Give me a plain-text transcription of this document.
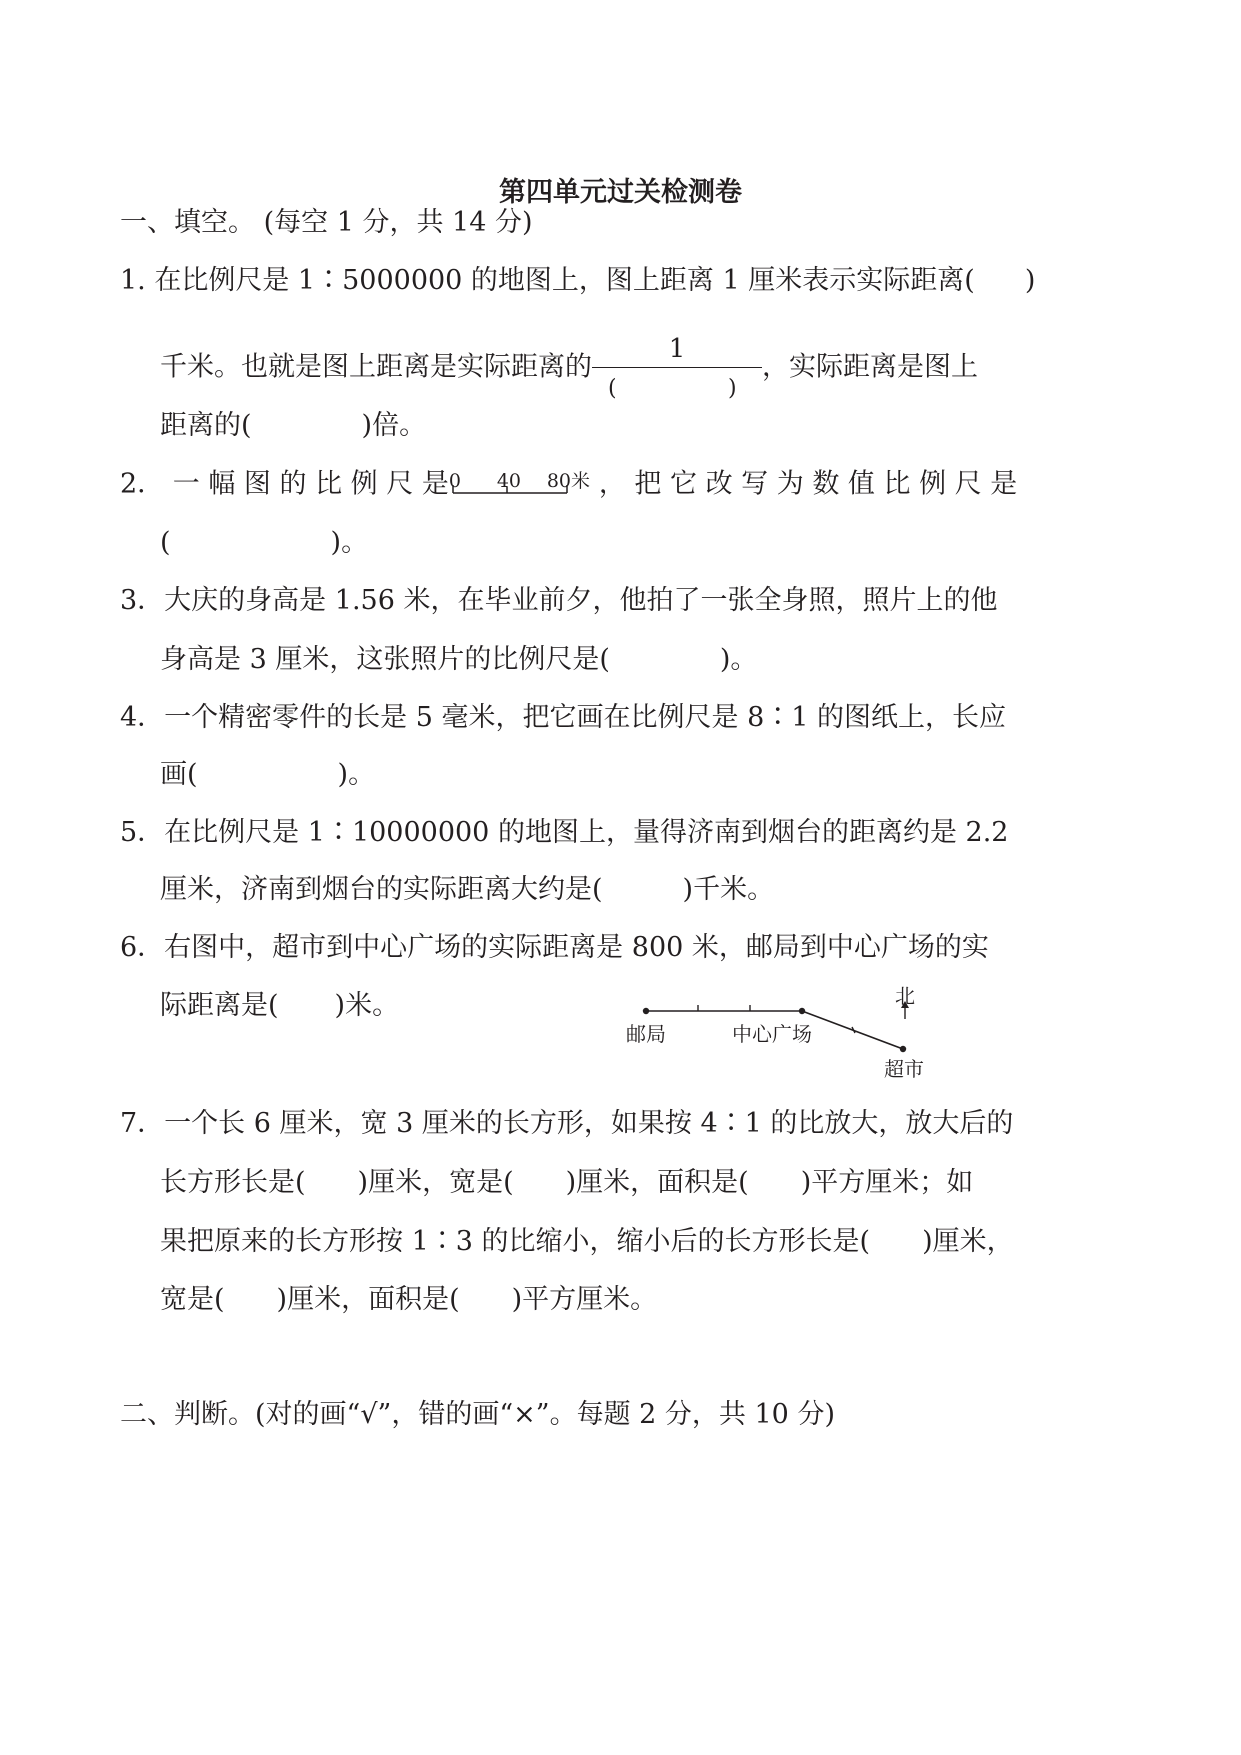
第四单元过关检测卷
一、填空。 (每空 1 分，共 14 分)
1. 在比例尺是 1∶5000000 的地图上，图上距离 1 厘米表示实际距离( )
千米。也就是图上距离是实际距离的
1
(	)
，实际距离是图上
距离的(	)倍。
2． 一 幅 图 的 比 例 尺 是 0 40 80米 ， 把 它 改 写 为 数 值 比 例 尺 是
(	)。
3．大庆的身高是 1.56 米，在毕业前夕，他拍了一张全身照，照片上的他
身高是 3 厘米，这张照片的比例尺是(	)。
4．一个精密零件的长是 5 毫米，把它画在比例尺是 8∶1 的图纸上，长应
画(	)。
5．在比例尺是 1∶10000000 的地图上，量得济南到烟台的距离约是 2.2
厘米，济南到烟台的实际距离大约是(	)千米。
6．右图中，超市到中心广场的实际距离是 800 米，邮局到中心广场的实
际距离是( )米。
邮局	中心广场
超市
北
7．一个长 6 厘米，宽 3 厘米的长方形，如果按 4∶1 的比放大，放大后的
长方形长是( )厘米，宽是( )厘米，面积是( )平方厘米；如
果把原来的长方形按 1∶3 的比缩小，缩小后的长方形长是( )厘米，
宽是( )厘米，面积是( )平方厘米。
二、判断。(对的画“√”，错的画“×”。每题 2 分，共 10 分)
